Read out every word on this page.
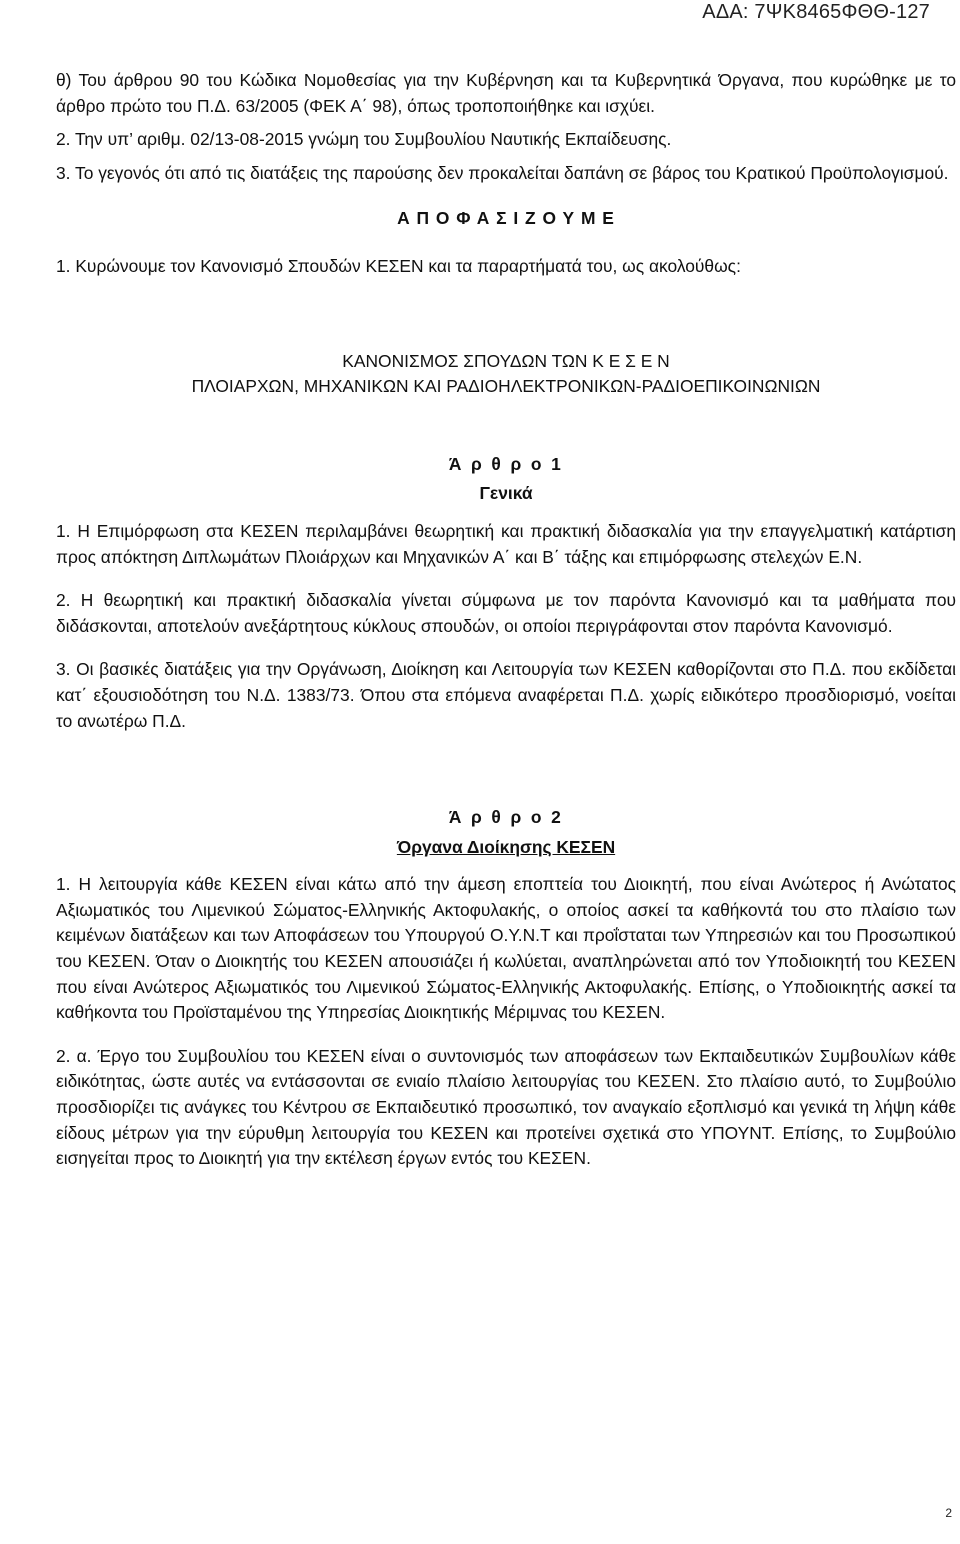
ΑΔΑ: 7ΨΚ8465ΦΘΘ-127

θ) Του άρθρου 90 του Κώδικα Νομοθεσίας για την Κυβέρνηση και τα Κυβερνητικά Όργανα, που κυρώθηκε με το άρθρο πρώτο του Π.Δ. 63/2005 (ΦΕΚ Α΄ 98), όπως τροποποιήθηκε και ισχύει.

2. Την υπ’ αριθμ. 02/13-08-2015 γνώμη του Συμβουλίου Ναυτικής Εκπαίδευσης.

3. Το γεγονός ότι από τις διατάξεις της παρούσης δεν προκαλείται δαπάνη σε βάρος του Κρατικού Προϋπολογισμού.

Α Π Ο Φ Α Σ Ι Ζ Ο Υ Μ Ε

1. Κυρώνουμε τον Κανονισμό Σπουδών ΚΕΣΕΝ και τα παραρτήματά του, ως ακολούθως:

ΚΑΝΟΝΙΣΜΟΣ ΣΠΟΥΔΩΝ ΤΩΝ Κ Ε Σ Ε Ν

ΠΛΟΙΑΡΧΩΝ, ΜΗΧΑΝΙΚΩΝ ΚΑΙ ΡΑΔΙΟΗΛΕΚΤΡΟΝΙΚΩΝ-ΡΑΔΙΟΕΠΙΚΟΙΝΩΝΙΩΝ

Ά ρ θ ρ ο 1

Γενικά

1. Η Επιμόρφωση στα ΚΕΣΕΝ περιλαμβάνει θεωρητική και πρακτική διδασκαλία για την επαγγελματική κατάρτιση προς απόκτηση Διπλωμάτων Πλοιάρχων και Μηχανικών Α΄ και Β΄ τάξης και επιμόρφωσης στελεχών Ε.Ν.

2. Η θεωρητική και πρακτική διδασκαλία γίνεται σύμφωνα με τον παρόντα Κανονισμό και τα μαθήματα που διδάσκονται, αποτελούν ανεξάρτητους κύκλους σπουδών, οι οποίοι περιγράφονται στον παρόντα Κανονισμό.

3. Οι βασικές διατάξεις για την Οργάνωση, Διοίκηση και Λειτουργία των ΚΕΣΕΝ καθορίζονται στο Π.Δ. που εκδίδεται κατ΄ εξουσιοδότηση του Ν.Δ. 1383/73. Όπου στα επόμενα αναφέρεται Π.Δ. χωρίς ειδικότερο προσδιορισμό, νοείται το ανωτέρω Π.Δ.

Ά ρ θ ρ ο 2

Όργανα Διοίκησης ΚΕΣΕΝ

1. Η λειτουργία κάθε ΚΕΣΕΝ είναι κάτω από την άμεση εποπτεία του Διοικητή, που είναι Ανώτερος ή Ανώτατος Αξιωματικός του Λιμενικού Σώματος-Ελληνικής Ακτοφυλακής, ο οποίος ασκεί τα καθήκοντά του στο πλαίσιο των κειμένων διατάξεων και των Αποφάσεων του Υπουργού Ο.Υ.Ν.Τ και προΐσταται των Υπηρεσιών και του Προσωπικού του ΚΕΣΕΝ. Όταν ο Διοικητής του ΚΕΣΕΝ απουσιάζει ή κωλύεται, αναπληρώνεται από τον Υποδιοικητή του ΚΕΣΕΝ που είναι Ανώτερος Αξιωματικός του Λιμενικού Σώματος-Ελληνικής Ακτοφυλακής. Επίσης, ο Υποδιοικητής ασκεί τα καθήκοντα του Προϊσταμένου της Υπηρεσίας Διοικητικής Μέριμνας του ΚΕΣΕΝ.

2. α. Έργο του Συμβουλίου του ΚΕΣΕΝ είναι ο συντονισμός των αποφάσεων των Εκπαιδευτικών Συμβουλίων κάθε ειδικότητας, ώστε αυτές να εντάσσονται σε ενιαίο πλαίσιο λειτουργίας του ΚΕΣΕΝ. Στο πλαίσιο αυτό, το Συμβούλιο προσδιορίζει τις ανάγκες του Κέντρου σε Εκπαιδευτικό προσωπικό, τον αναγκαίο εξοπλισμό και γενικά τη λήψη κάθε είδους μέτρων για την εύρυθμη λειτουργία του ΚΕΣΕΝ και προτείνει σχετικά στο ΥΠΟΥΝΤ. Επίσης, το Συμβούλιο εισηγείται προς το Διοικητή για την εκτέλεση έργων εντός του ΚΕΣΕΝ.

2
